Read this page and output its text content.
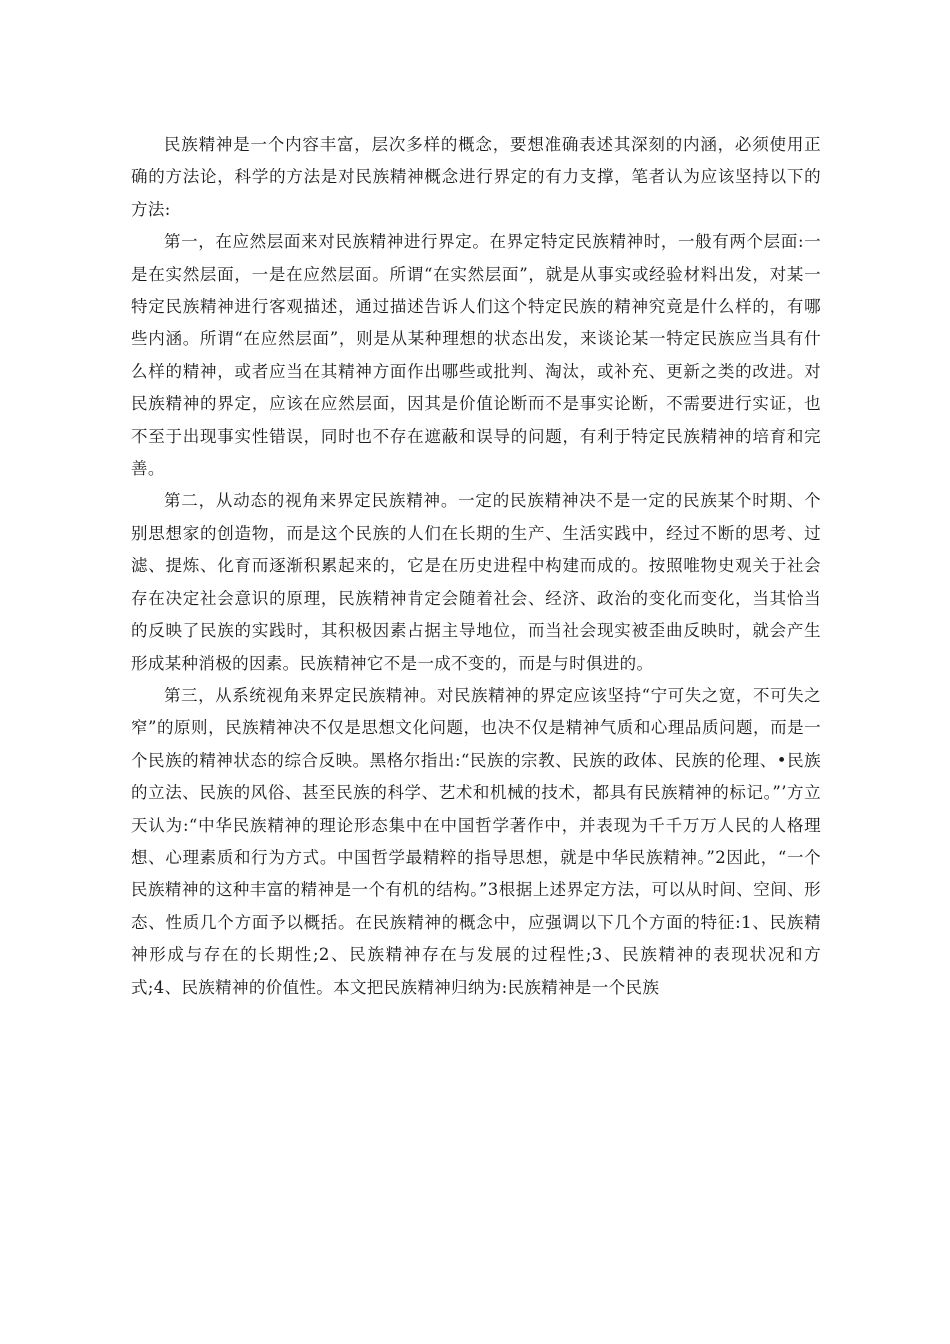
民族精神是一个内容丰富，层次多样的概念，要想准确表述其深刻的内涵，必须使用正确的方法论，科学的方法是对民族精神概念进行界定的有力支撑，笔者认为应该坚持以下的方法:

第一，在应然层面来对民族精神进行界定。在界定特定民族精神时，一般有两个层面:一是在实然层面，一是在应然层面。所谓“在实然层面”，就是从事实或经验材料出发，对某一特定民族精神进行客观描述，通过描述告诉人们这个特定民族的精神究竟是什么样的，有哪些内涵。所谓“在应然层面”，则是从某种理想的状态出发，来谈论某一特定民族应当具有什么样的精神，或者应当在其精神方面作出哪些或批判、淘汰，或补充、更新之类的改进。对民族精神的界定，应该在应然层面，因其是价值论断而不是事实论断，不需要进行实证，也不至于出现事实性错误，同时也不存在遮蔽和误导的问题，有利于特定民族精神的培育和完善。

第二，从动态的视角来界定民族精神。一定的民族精神决不是一定的民族某个时期、个别思想家的创造物，而是这个民族的人们在长期的生产、生活实践中，经过不断的思考、过滤、提炼、化育而逐渐积累起来的，它是在历史进程中构建而成的。按照唯物史观关于社会存在决定社会意识的原理，民族精神肯定会随着社会、经济、政治的变化而变化，当其恰当的反映了民族的实践时，其积极因素占据主导地位，而当社会现实被歪曲反映时，就会产生形成某种消极的因素。民族精神它不是一成不变的，而是与时俱进的。

第三，从系统视角来界定民族精神。对民族精神的界定应该坚持“宁可失之宽，不可失之窄”的原则，民族精神决不仅是思想文化问题，也决不仅是精神气质和心理品质问题，而是一个民族的精神状态的综合反映。黑格尔指出:“民族的宗教、民族的政体、民族的伦理、•民族的立法、民族的风俗、甚至民族的科学、艺术和机械的技术，都具有民族精神的标记。”’方立天认为:“中华民族精神的理论形态集中在中国哲学著作中，并表现为千千万万人民的人格理想、心理素质和行为方式。中国哲学最精粹的指导思想，就是中华民族精神。”2因此，“一个民族精神的这种丰富的精神是一个有机的结构。”3根据上述界定方法，可以从时间、空间、形态、性质几个方面予以概括。在民族精神的概念中，应强调以下几个方面的特征:1、民族精神形成与存在的长期性;2、民族精神存在与发展的过程性;3、民族精神的表现状况和方式;4、民族精神的价值性。本文把民族精神归纳为:民族精神是一个民族
